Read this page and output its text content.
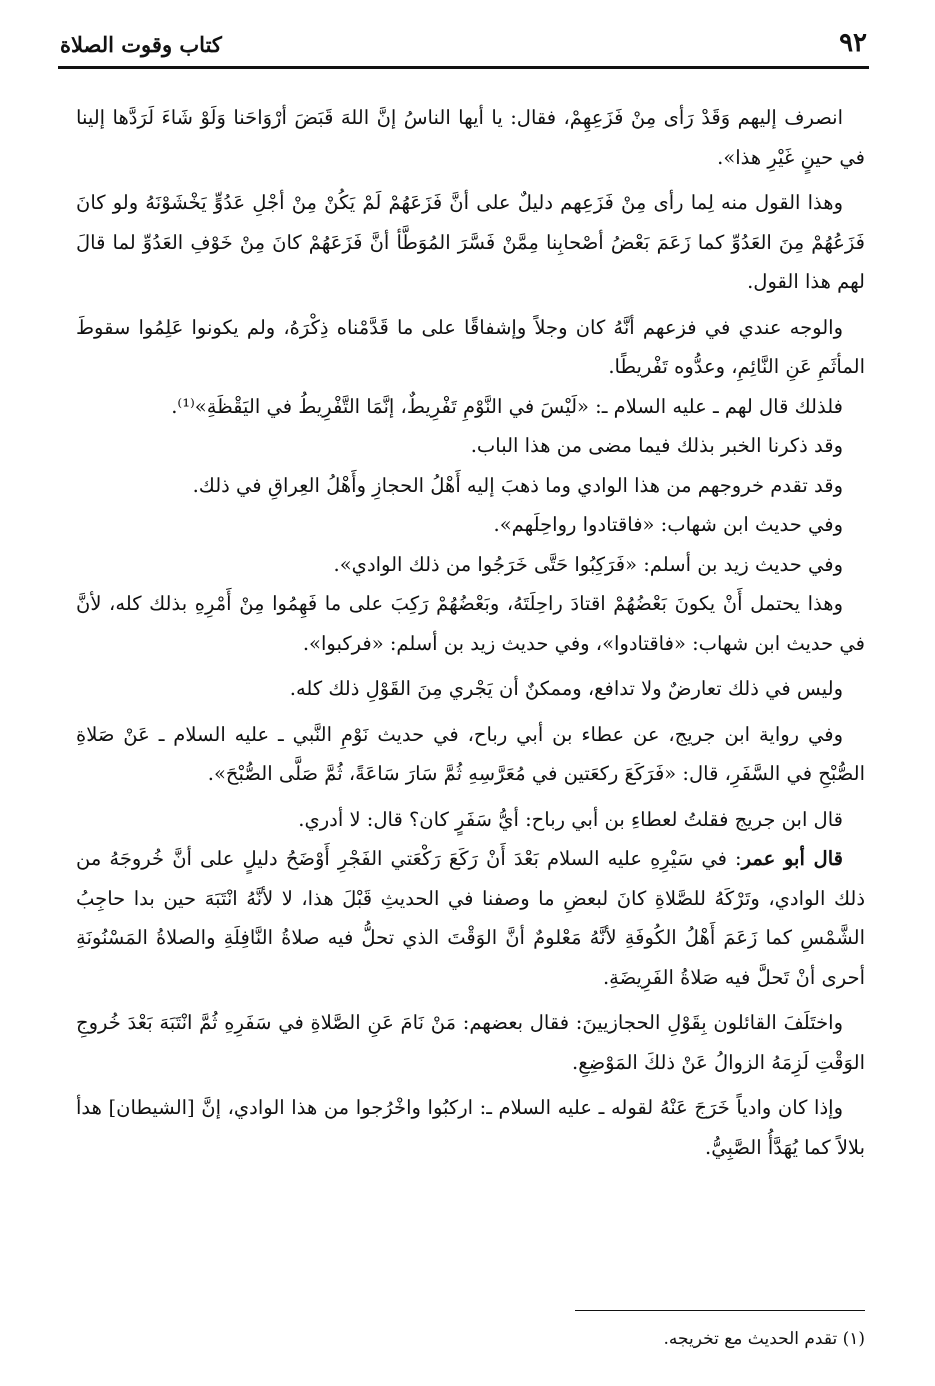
٩٢
كتاب وقوت الصلاة

انصرف إليهم وَقَدْ رَأى مِنْ فَزَعِهِمْ، فقال: يا أيها الناسُ إنَّ اللهَ قَبَضَ أرْوَاحَنا وَلَوْ شَاءَ لَرَدَّها إلينا في حينٍ غَيْرِ هذا».

وهذا القول منه لِما رأى مِنْ فَزَعِهم دليلٌ على أنَّ فَزَعَهُمْ لَمْ يَكُنْ مِنْ أجْلِ عَدُوٍّ يَخْشَوْنَهُ ولو كانَ فَزَعُهُمْ مِنَ العَدُوِّ كما زَعَمَ بَعْضُ أصْحابِنا مِمَّنْ فَسَّرَ المُوَطَّأ أنَّ فَزَعَهُمْ كانَ مِنْ خَوْفِ العَدُوِّ لما قالَ لهم هذا القول.

والوجه عندي في فزعهم أنَّهُ كان وجلاً وإشفاقًا على ما قَدَّمْناه ذِكْرَهُ، ولم يكونوا عَلِمُوا سقوطَ المأثَمِ عَنِ النَّائِمِ، وعدُّوه تَفْريطًا.

فلذلك قال لهم ـ عليه السلام ـ: «لَيْسَ في النَّوْمِ تَفْرِيطٌ، إنَّمَا التَّفْرِيطُ في اليَقْظَةِ»⁽¹⁾.

وقد ذكرنا الخبر بذلك فيما مضى من هذا الباب.

وقد تقدم خروجهم من هذا الوادي وما ذهبَ إليه أَهْلُ الحجازِ وأَهْلُ العِراقِ في ذلك.

وفي حديث ابن شهاب: «فاقتادوا رواحِلَهم».

وفي حديث زيد بن أسلم: «فَرَكِبُوا حَتَّى خَرَجُوا من ذلك الوادي».

وهذا يحتمل أَنْ يكونَ بَعْضُهُمْ اقتادَ راحِلَتَهُ، وبَعْضُهُمْ رَكِبَ على ما فَهِمُوا مِنْ أَمْرِهِ بذلك كله، لأنَّ في حديث ابن شهاب: «فاقتادوا»، وفي حديث زيد بن أسلم: «فركبوا».

وليس في ذلك تعارضٌ ولا تدافع، وممكنٌ أن يَجْري مِنَ القَوْلِ ذلك كله.

وفي رواية ابن جريج، عن عطاء بن أبي رباح، في حديث نَوْمِ النَّبي ـ عليه السلام ـ عَنْ صَلاةِ الصُّبْحِ في السَّفَرِ، قال: «فَرَكَعَ ركعَتين في مُعَرَّسِهِ ثُمَّ سَارَ سَاعَةً، ثُمَّ صَلَّى الصُّبْحَ».

قال ابن جريج فقلتُ لعطاءِ بن أبي رباح: أيُّ سَفَرٍ كان؟ قال: لا أدري.

قال أبو عمر: في سَيْرِهِ عليه السلام بَعْدَ أَنْ رَكَعَ رَكْعَتي الفَجْرِ أَوْضَحُ دليلٍ على أنَّ خُروجَهُ من ذلك الوادي، وتَرْكَهُ للصَّلاةِ كانَ لبعضِ ما وصفنا في الحديثِ قَبْلَ هذا، لا لأنَّهُ انْتَبَهَ حين بدا حاجِبُ الشَّمْسِ كما زَعَمَ أَهْلُ الكُوفَةِ لأنَّهُ مَعْلومٌ أنَّ الوَقْتَ الذي تحلُّ فيه صلاةُ النَّافِلَةِ والصلاةُ المَسْنُونَةِ أحرى أنْ تَحلَّ فيه صَلاةُ الفَرِيضَةِ.

واختَلَفَ القائلون بِقَوْلِ الحجازيينَ: فقال بعضهم: مَنْ نَامَ عَنِ الصَّلاةِ في سَفَرِهِ ثُمَّ انْتَبَهَ بَعْدَ خُروجِ الوَقْتِ لَزِمَهُ الزوالُ عَنْ ذلكَ المَوْضِعِ.

وإذا كان وادياً خَرَجَ عَنْهُ لقوله ـ عليه السلام ـ: اركبُوا واخْرُجوا من هذا الوادي، إنَّ [الشيطان] هدأ بلالاً كما يُهَدَّأُ الصَّبِيُّ.

(١) تقدم الحديث مع تخريجه.
